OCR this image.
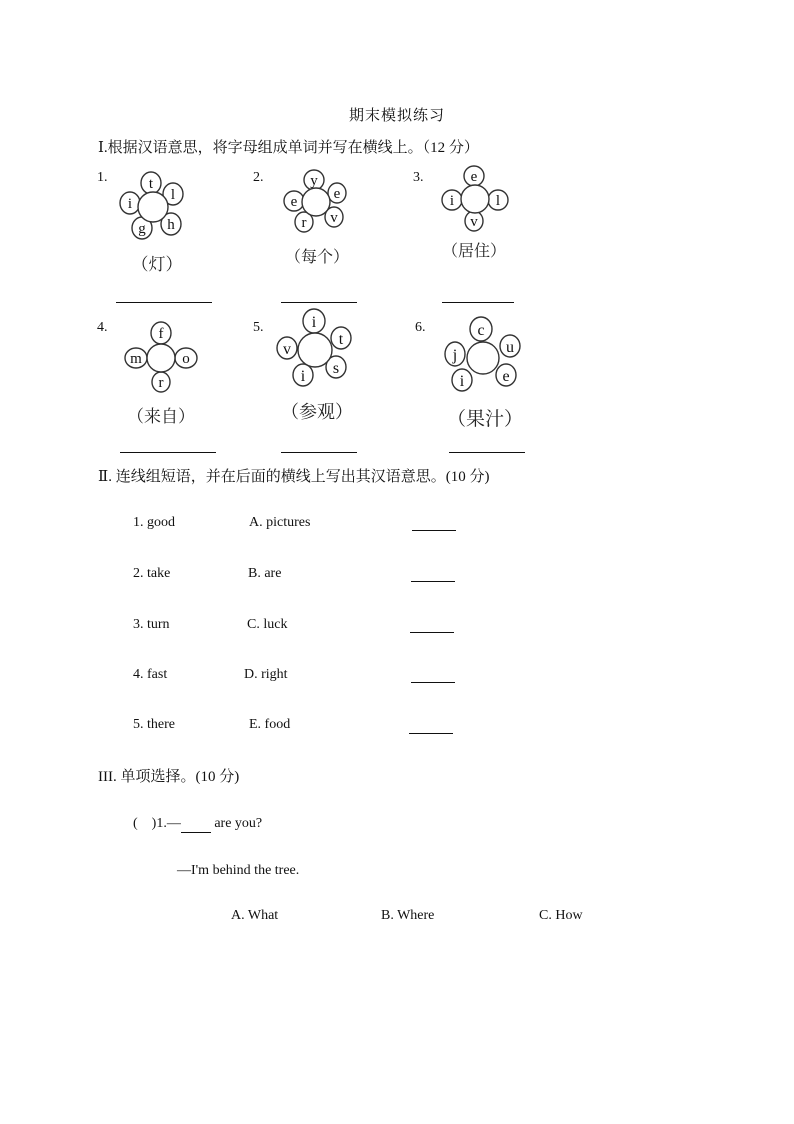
期末模拟练习
Ⅰ.根据汉语意思，将字母组成单词并写在横线上。（12 分）
1.	t
l
i
h
g
（灯）
2.	y
e
e
v
r
（每个）
3.	e
i	l
v
（居住）
4.	f
m	o
r
（来自）
5.	i
t
v
s
i
（参观）
6.	c
j	u
i e
（果汁）
Ⅱ. 连线组短语，并在后面的横线上写出其汉语意思。(10 分)
1. good	A. pictures
2. take	B. are
3. turn	C. luck
4. fast	D. right
5. there	E. food
III. 单项选择。(10 分)
(    )1.—  are you?
—I'm behind the tree.
A. What	B. Where	C. How
